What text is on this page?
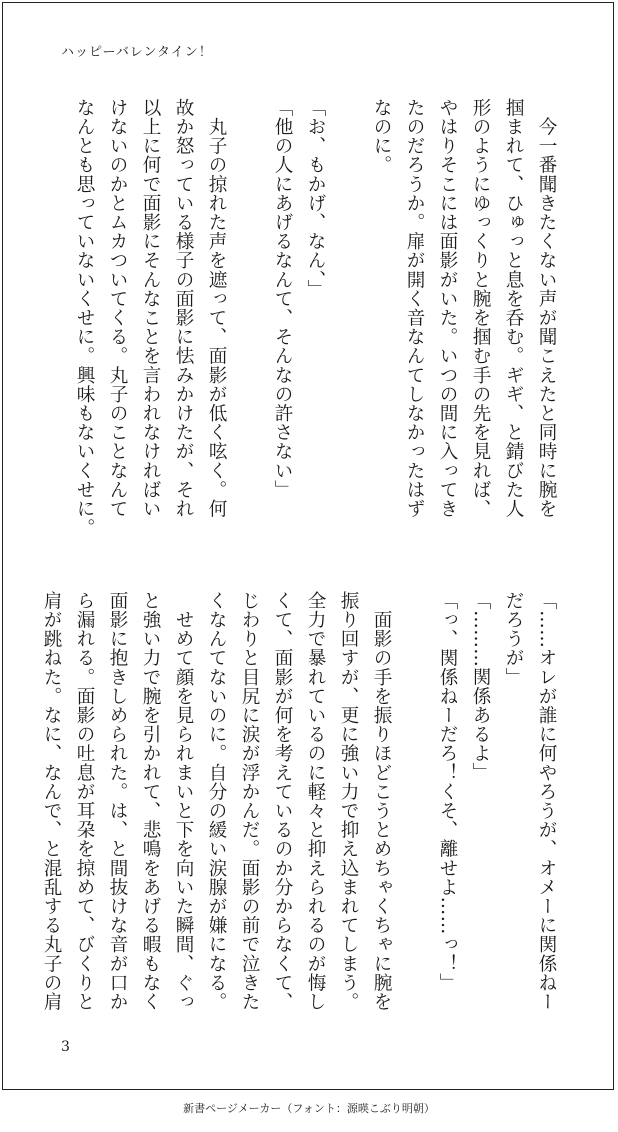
ハッピーバレンタイン！
　今一番聞きたくない声が聞こえたと同時に腕を
掴まれて、ひゅっと息を呑む。ギギ、と錆びた人
形のようにゆっくりと腕を掴む手の先を見れば、
やはりそこには面影がいた。いつの間に入ってき
たのだろうか。扉が開く音なんてしなかったはず
なのに。

「お、もかげ、なん、」
「他の人にあげるなんて、そんなの許さない」

　丸子の掠れた声を遮って、面影が低く呟く。何
故か怒っている様子の面影に怯みかけたが、それ
以上に何で面影にそんなことを言われなければい
けないのかとムカついてくる。丸子のことなんて
なんとも思っていないくせに。興味もないくせに。
「……オレが誰に何やろうが、オメーに関係ねー
だろうが」
「………関係あるよ」
「っ、関係ねーだろ！くそ、離せよ……っ！」

　面影の手を振りほどこうとめちゃくちゃに腕を
振り回すが、更に強い力で抑え込まれてしまう。
全力で暴れているのに軽々と抑えられるのが悔し
くて、面影が何を考えているのか分からなくて、
じわりと目尻に涙が浮かんだ。面影の前で泣きた
くなんてないのに。自分の緩い涙腺が嫌になる。
　せめて顔を見られまいと下を向いた瞬間、ぐっ
と強い力で腕を引かれて、悲鳴をあげる暇もなく
面影に抱きしめられた。は、と間抜けな音が口か
ら漏れる。面影の吐息が耳朶を掠めて、びくりと
肩が跳ねた。なに、なんで、と混乱する丸子の肩
3
新書ページメーカー（フォント：源暎こぶり明朝）
